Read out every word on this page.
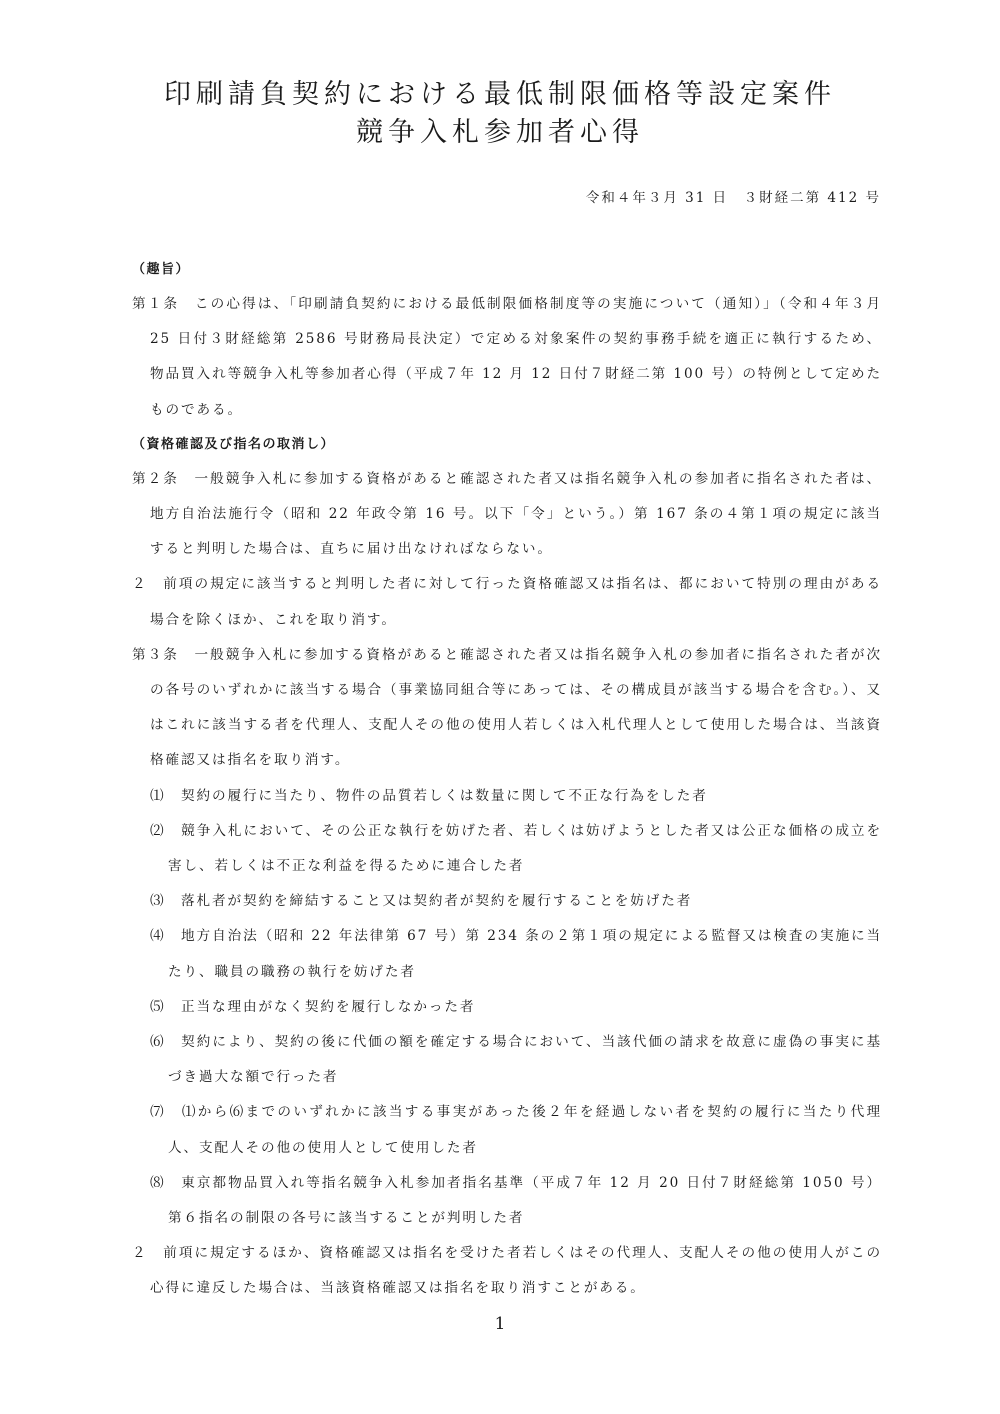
印刷請負契約における最低制限価格等設定案件
競争入札参加者心得
令和４年３月 31 日　３財経二第 412 号

（趣旨）

第１条　この心得は、「印刷請負契約における最低制限価格制度等の実施について（通知）」（令和４年３月 25 日付３財経総第 2586 号財務局長決定）で定める対象案件の契約事務手続を適正に執行するため、物品買入れ等競争入札等参加者心得（平成７年 12 月 12 日付７財経二第 100 号）の特例として定めたものである。

（資格確認及び指名の取消し）

第２条　一般競争入札に参加する資格があると確認された者又は指名競争入札の参加者に指名された者は、地方自治法施行令（昭和 22 年政令第 16 号。以下「令」という。）第 167 条の４第１項の規定に該当すると判明した場合は、直ちに届け出なければならない。

２　前項の規定に該当すると判明した者に対して行った資格確認又は指名は、都において特別の理由がある場合を除くほか、これを取り消す。

第３条　一般競争入札に参加する資格があると確認された者又は指名競争入札の参加者に指名された者が次の各号のいずれかに該当する場合（事業協同組合等にあっては、その構成員が該当する場合を含む。）、又はこれに該当する者を代理人、支配人その他の使用人若しくは入札代理人として使用した場合は、当該資格確認又は指名を取り消す。

⑴　契約の履行に当たり、物件の品質若しくは数量に関して不正な行為をした者

⑵　競争入札において、その公正な執行を妨げた者、若しくは妨げようとした者又は公正な価格の成立を害し、若しくは不正な利益を得るために連合した者

⑶　落札者が契約を締結すること又は契約者が契約を履行することを妨げた者

⑷　地方自治法（昭和 22 年法律第 67 号）第 234 条の２第１項の規定による監督又は検査の実施に当たり、職員の職務の執行を妨げた者

⑸　正当な理由がなく契約を履行しなかった者

⑹　契約により、契約の後に代価の額を確定する場合において、当該代価の請求を故意に虚偽の事実に基づき過大な額で行った者

⑺　⑴から⑹までのいずれかに該当する事実があった後２年を経過しない者を契約の履行に当たり代理人、支配人その他の使用人として使用した者

⑻　東京都物品買入れ等指名競争入札参加者指名基準（平成７年 12 月 20 日付７財経総第 1050 号）第６指名の制限の各号に該当することが判明した者

２　前項に規定するほか、資格確認又は指名を受けた者若しくはその代理人、支配人その他の使用人がこの心得に違反した場合は、当該資格確認又は指名を取り消すことがある。

1
